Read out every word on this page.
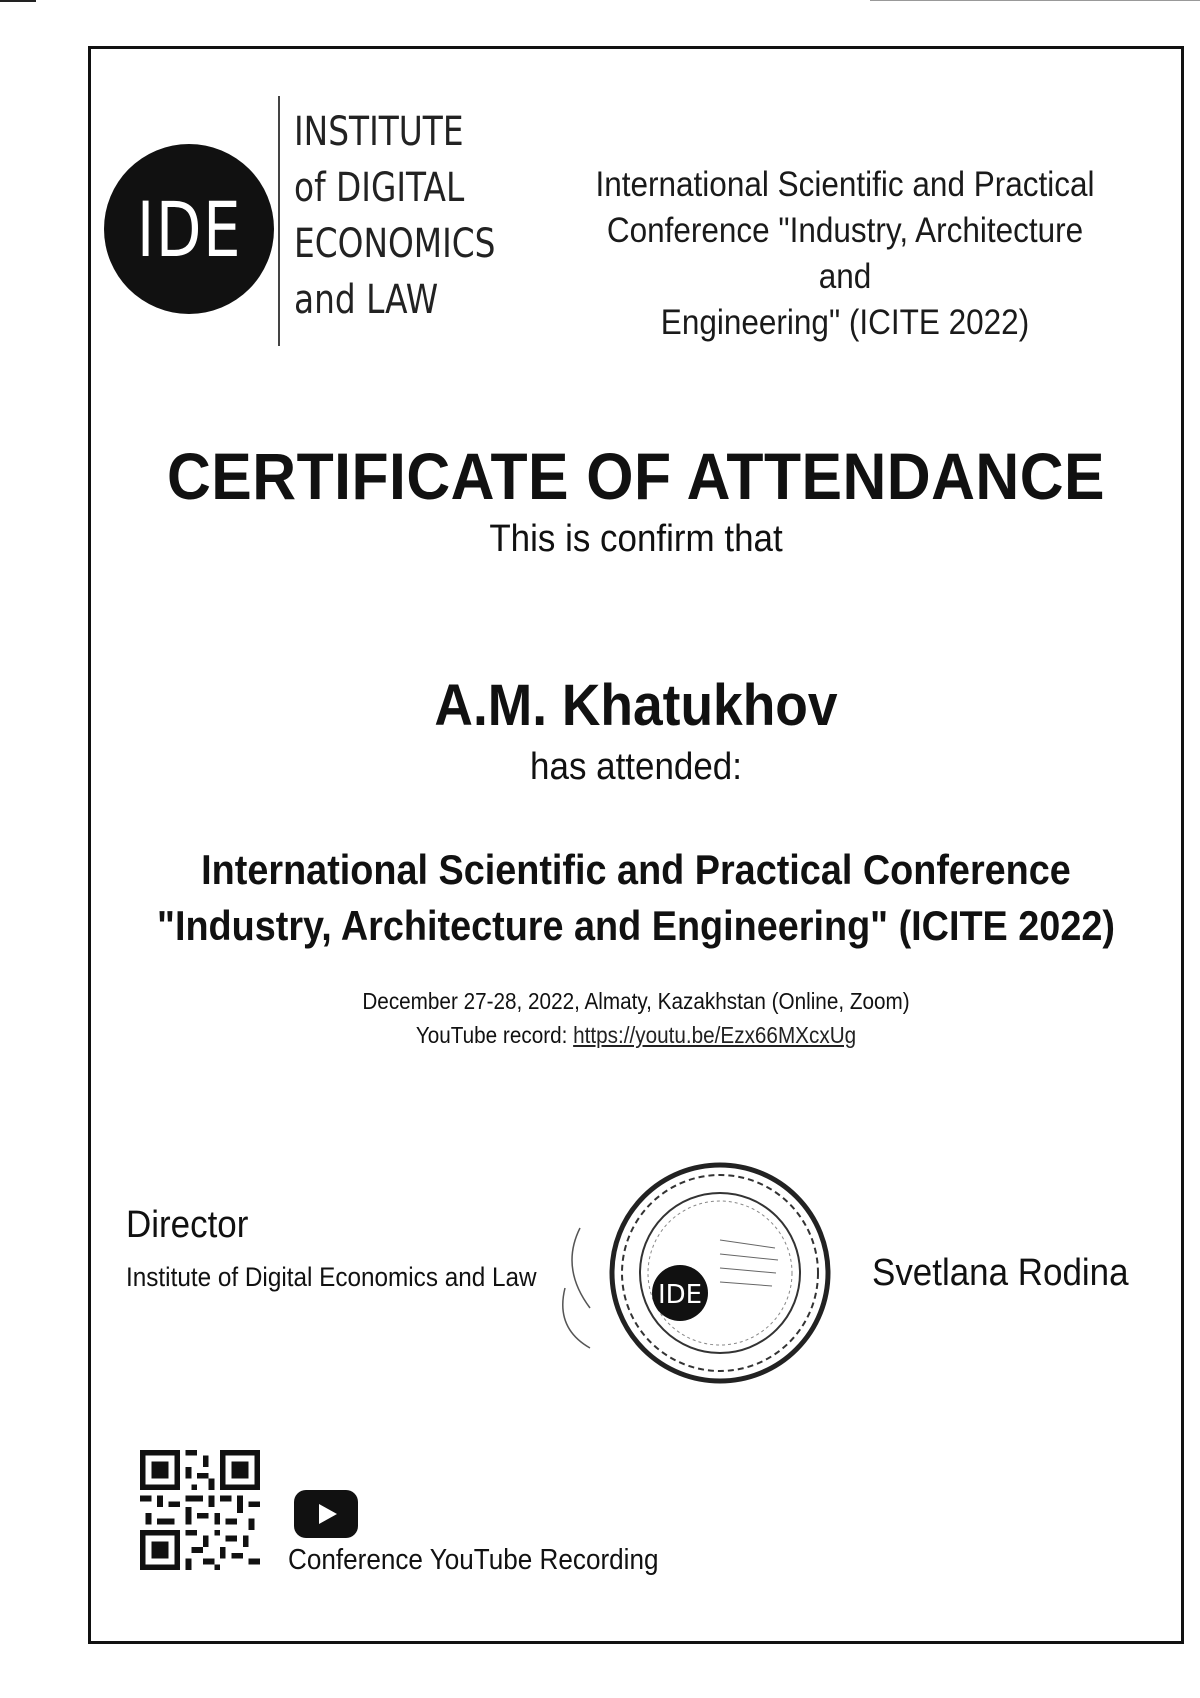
IDE
INSTITUTE
of DIGITAL
ECONOMICS
and LAW
International Scientific and Practical
Conference "Industry, Architecture and
Engineering" (ICITE 2022)
CERTIFICATE OF ATTENDANCE
This is confirm that
A.M. Khatukhov
has attended:
International Scientific and Practical Conference
"Industry, Architecture and Engineering" (ICITE 2022)
December 27-28, 2022, Almaty, Kazakhstan (Online, Zoom)
YouTube record: https://youtu.be/Ezx66MXcxUg
Director
Institute of Digital Economics and Law	Svetlana Rodina
IDE
Conference YouTube Recording
